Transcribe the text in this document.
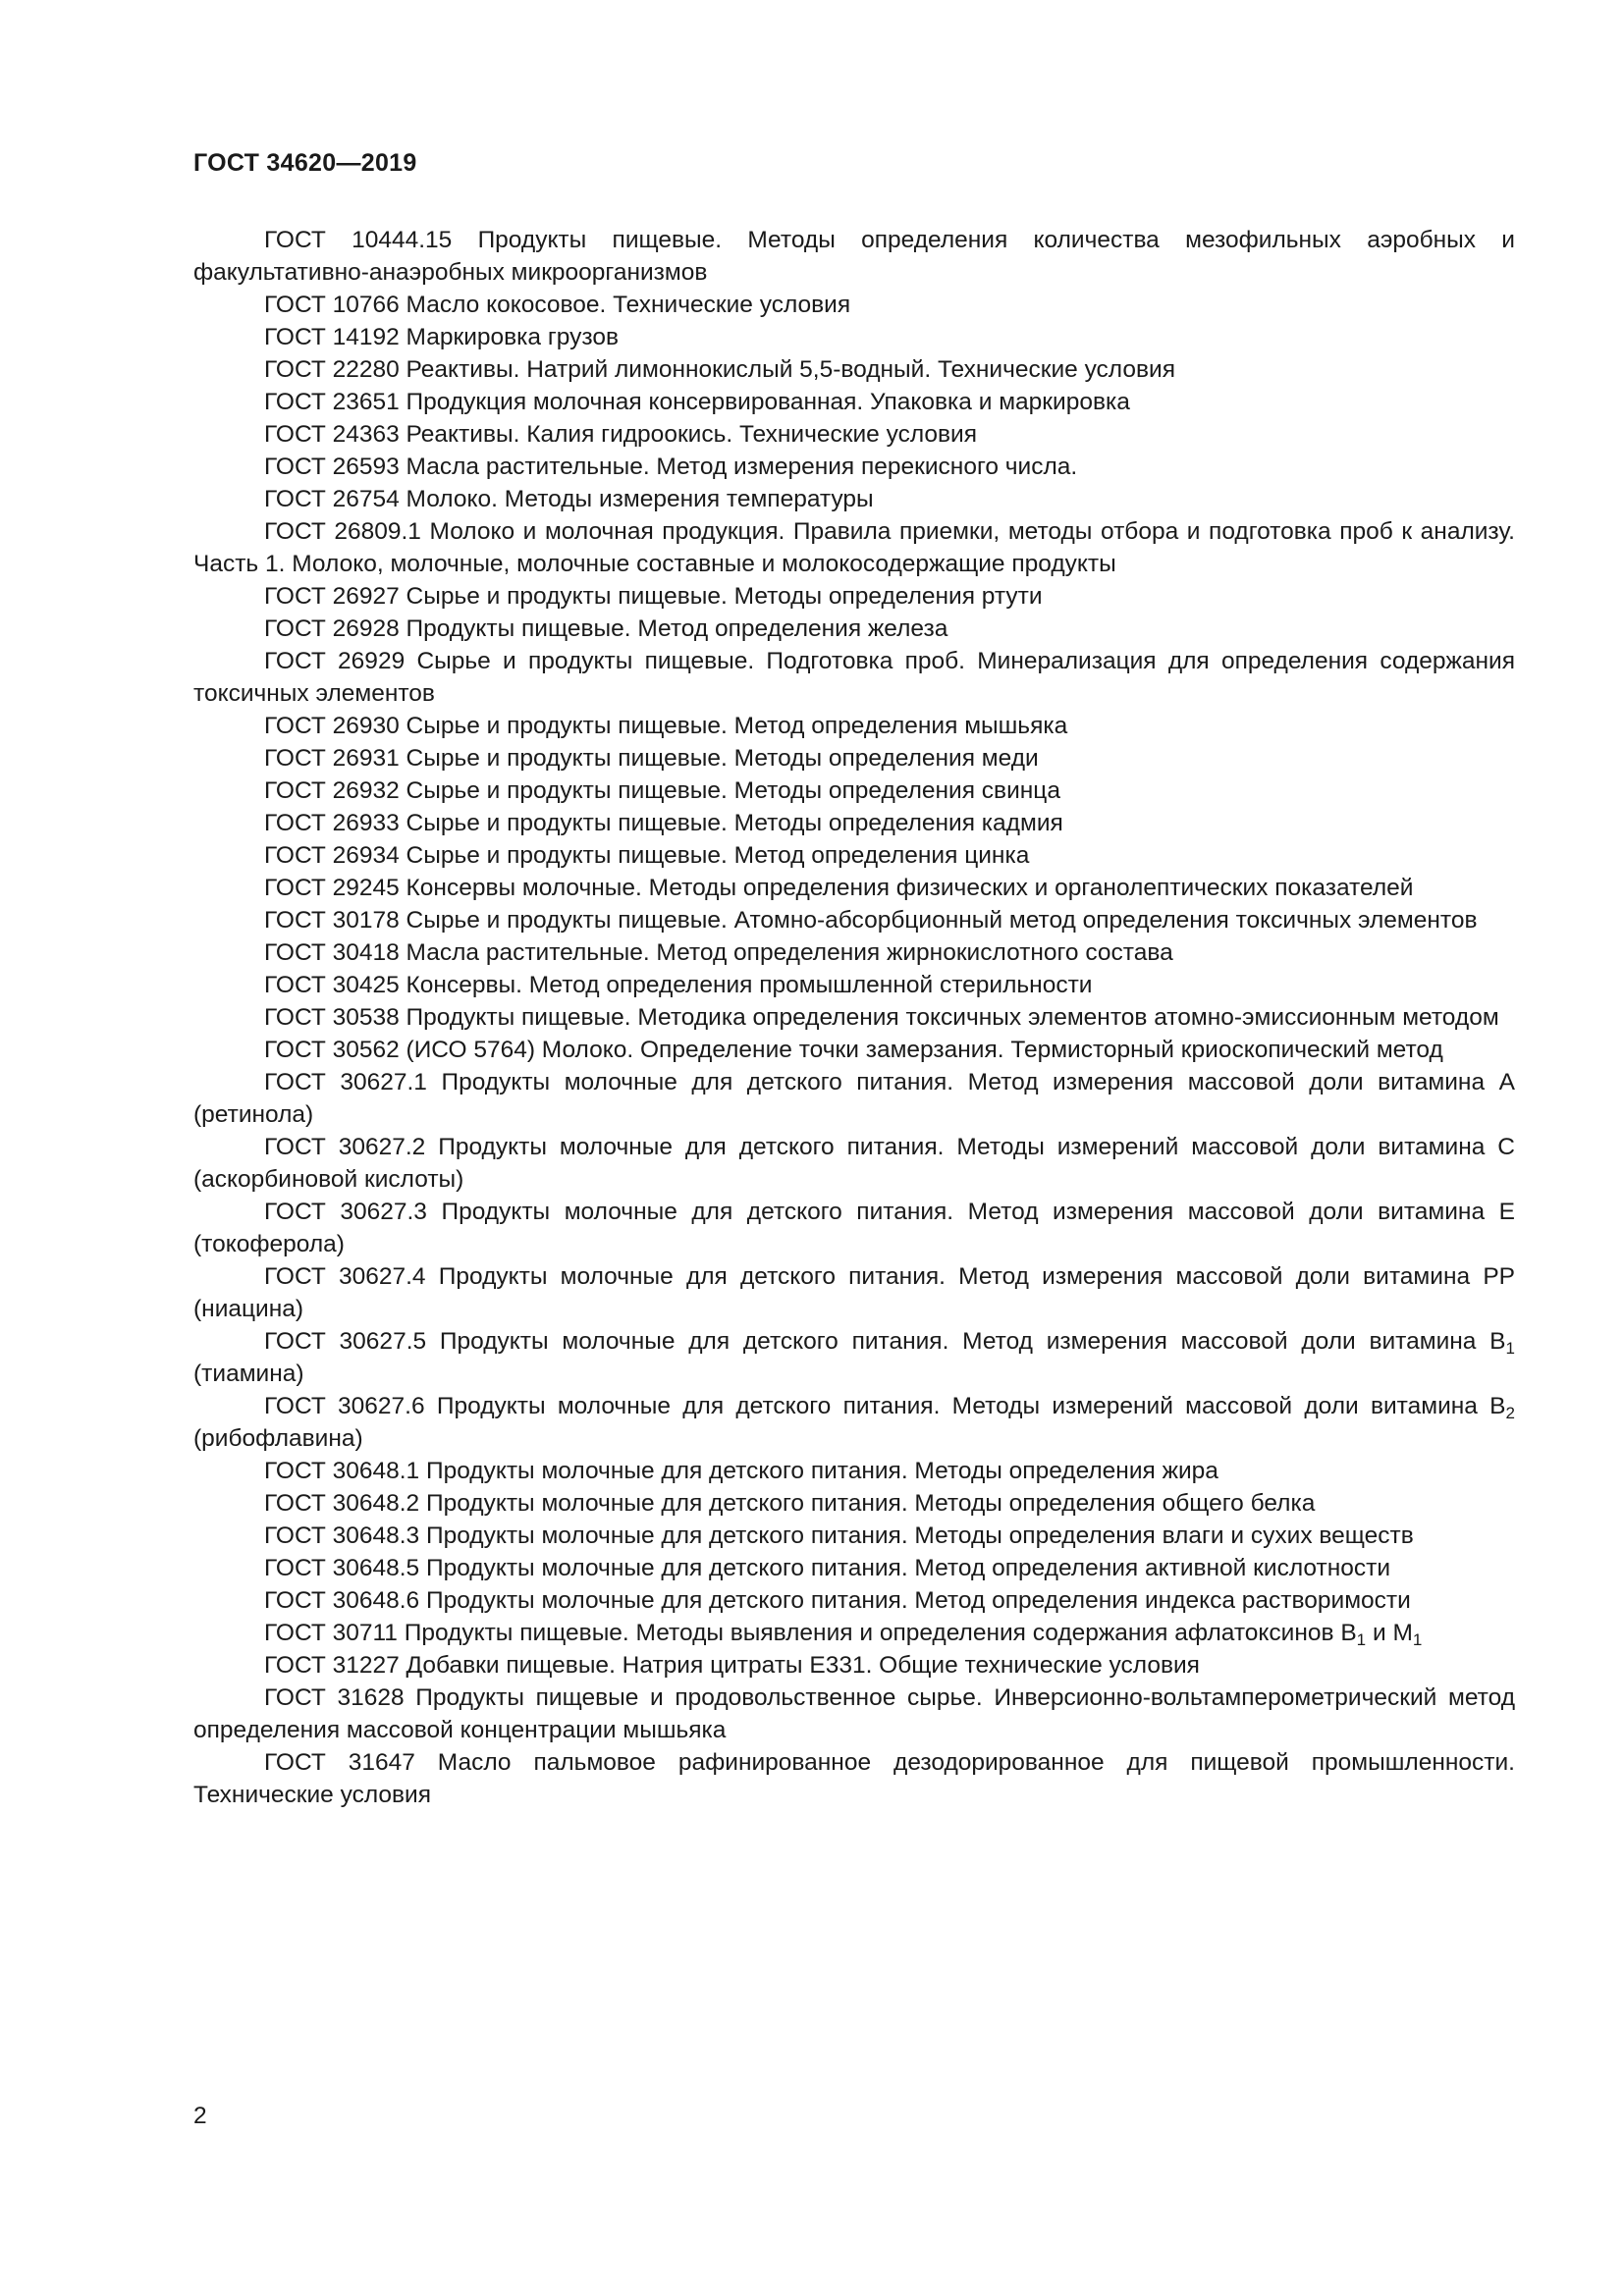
ГОСТ 34620—2019

ГОСТ 10444.15 Продукты пищевые. Методы определения количества мезофильных аэробных и факультативно-анаэробных микроорганизмов

ГОСТ 10766 Масло кокосовое. Технические условия

ГОСТ 14192 Маркировка грузов

ГОСТ 22280 Реактивы. Натрий лимоннокислый 5,5-водный. Технические условия

ГОСТ 23651 Продукция молочная консервированная. Упаковка и маркировка

ГОСТ 24363 Реактивы. Калия гидроокись. Технические условия

ГОСТ 26593 Масла растительные. Метод измерения перекисного числа.

ГОСТ 26754 Молоко. Методы измерения температуры

ГОСТ 26809.1 Молоко и молочная продукция. Правила приемки, методы отбора и подготовка проб к анализу. Часть 1. Молоко, молочные, молочные составные и молокосодержащие продукты

ГОСТ 26927 Сырье и продукты пищевые. Методы определения ртути

ГОСТ 26928 Продукты пищевые. Метод определения железа

ГОСТ 26929 Сырье и продукты пищевые. Подготовка проб. Минерализация для определения содержания токсичных элементов

ГОСТ 26930 Сырье и продукты пищевые. Метод определения мышьяка

ГОСТ 26931 Сырье и продукты пищевые. Методы определения меди

ГОСТ 26932 Сырье и продукты пищевые. Методы определения свинца

ГОСТ 26933 Сырье и продукты пищевые. Методы определения кадмия

ГОСТ 26934 Сырье и продукты пищевые. Метод определения цинка

ГОСТ 29245 Консервы молочные. Методы определения физических и органолептических показателей

ГОСТ 30178 Сырье и продукты пищевые. Атомно-абсорбционный метод определения токсичных элементов

ГОСТ 30418 Масла растительные. Метод определения жирнокислотного состава

ГОСТ 30425 Консервы. Метод определения промышленной стерильности

ГОСТ 30538 Продукты пищевые. Методика определения токсичных элементов атомно-эмиссионным методом

ГОСТ 30562 (ИСО 5764) Молоко. Определение точки замерзания. Термисторный криоскопический метод

ГОСТ 30627.1 Продукты молочные для детского питания. Метод измерения массовой доли витамина А (ретинола)

ГОСТ 30627.2 Продукты молочные для детского питания. Методы измерений массовой доли витамина С (аскорбиновой кислоты)

ГОСТ 30627.3 Продукты молочные для детского питания. Метод измерения массовой доли витамина Е (токоферола)

ГОСТ 30627.4 Продукты молочные для детского питания. Метод измерения массовой доли витамина РР (ниацина)

ГОСТ 30627.5 Продукты молочные для детского питания. Метод измерения массовой доли витамина $В_1$ (тиамина)

ГОСТ 30627.6 Продукты молочные для детского питания. Методы измерений массовой доли витамина $В_2$ (рибофлавина)

ГОСТ 30648.1 Продукты молочные для детского питания. Методы определения жира

ГОСТ 30648.2 Продукты молочные для детского питания. Методы определения общего белка

ГОСТ 30648.3 Продукты молочные для детского питания. Методы определения влаги и сухих веществ

ГОСТ 30648.5 Продукты молочные для детского питания. Метод определения активной кислотности

ГОСТ 30648.6 Продукты молочные для детского питания. Метод определения индекса растворимости

ГОСТ 30711 Продукты пищевые. Методы выявления и определения содержания афлатоксинов $В_1$ и $М_1$

ГОСТ 31227 Добавки пищевые. Натрия цитраты Е331. Общие технические условия

ГОСТ 31628 Продукты пищевые и продовольственное сырье. Инверсионно-вольтамперометрический метод определения массовой концентрации мышьяка

ГОСТ 31647 Масло пальмовое рафинированное дезодорированное для пищевой промышленности. Технические условия

2
